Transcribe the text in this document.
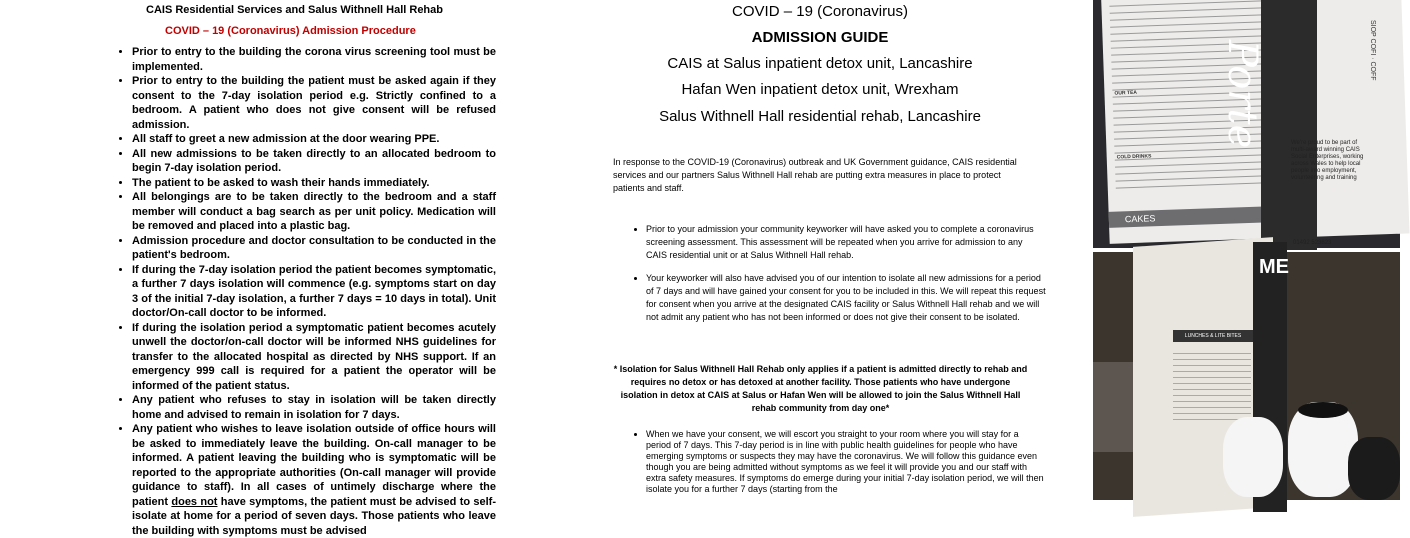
CAIS Residential Services and Salus Withnell Hall Rehab
COVID – 19 (Coronavirus) Admission Procedure
• Prior to entry to the building the corona virus screening tool must be implemented.
• Prior to entry to the building the patient must be asked again if they consent to the 7-day isolation period e.g. Strictly confined to a bedroom. A patient who does not give consent will be refused admission.
• All staff to greet a new admission at the door wearing PPE.
• All new admissions to be taken directly to an allocated bedroom to begin 7-day isolation period.
• The patient to be asked to wash their hands immediately.
• All belongings are to be taken directly to the bedroom and a staff member will conduct a bag search as per unit policy. Medication will be removed and placed into a plastic bag.
• Admission procedure and doctor consultation to be conducted in the patient's bedroom.
• If during the 7-day isolation period the patient becomes symptomatic, a further 7 days isolation will commence (e.g. symptoms start on day 3 of the initial 7-day isolation, a further 7 days = 10 days in total). Unit doctor/On-call doctor to be informed.
• If during the isolation period a symptomatic patient becomes acutely unwell the doctor/on-call doctor will be informed NHS guidelines for transfer to the allocated hospital as directed by NHS support. If an emergency 999 call is required for a patient the operator will be informed of the patient status.
• Any patient who refuses to stay in isolation will be taken directly home and advised to remain in isolation for 7 days.
• Any patient who wishes to leave isolation outside of office hours will be asked to immediately leave the building. On-call manager to be informed. A patient leaving the building who is symptomatic will be reported to the appropriate authorities (On-call manager will provide guidance to staff). In all cases of untimely discharge where the patient does not have symptoms, the patient must be advised to self-isolate at home for a period of seven days. Those patients who leave the building with symptoms must be advised
COVID – 19 (Coronavirus)
ADMISSION GUIDE
CAIS at Salus inpatient detox unit, Lancashire
Hafan Wen inpatient detox unit, Wrexham
Salus Withnell Hall residential rehab, Lancashire
In response to the COVID-19 (Coronavirus) outbreak and UK Government guidance, CAIS residential services and our partners Salus Withnell Hall rehab are putting extra measures in place to protect patients and staff.
• Prior to your admission your community keyworker will have asked you to complete a coronavirus screening assessment. This assessment will be repeated when you arrive for admission to any CAIS residential unit or at Salus Withnell Hall rehab.
• Your keyworker will also have advised you of our intention to isolate all new admissions for a period of 7 days and will have gained your consent for you to be included in this. We will repeat this request for consent when you arrive at the designated CAIS facility or Salus Withnell Hall rehab and we will not admit any patient who has not been informed or does not give their consent to be isolated.
* Isolation for Salus Withnell Hall Rehab only applies if a patient is admitted directly to rehab and requires no detox or has detoxed at another facility. Those patients who have undergone isolation in detox at CAIS at Salus or Hafan Wen will be allowed to join the Salus Withnell Hall rehab community from day one*
• When we have your consent, we will escort you straight to your room where you will stay for a period of 7 days. This 7-day period is in line with public health guidelines for people who have emerging symptoms or suspects they may have the coronavirus. We will follow this guidance even though you are being admitted without symptoms as we feel it will provide you and our staff with extra safety measures. If symptoms do emerge during your initial 7-day isolation period, we will then isolate you for a further 7 days (starting from the
OUR TEA
COLD DRINKS
CAKES
Porte	SIOP COFI · COFF
We're proud to be part of multi-award winning CAIS Social Enterprises, working across Wales to help local people into employment, volunteering and training
01492 523823
ME
LUNCHES & LITE BITES
